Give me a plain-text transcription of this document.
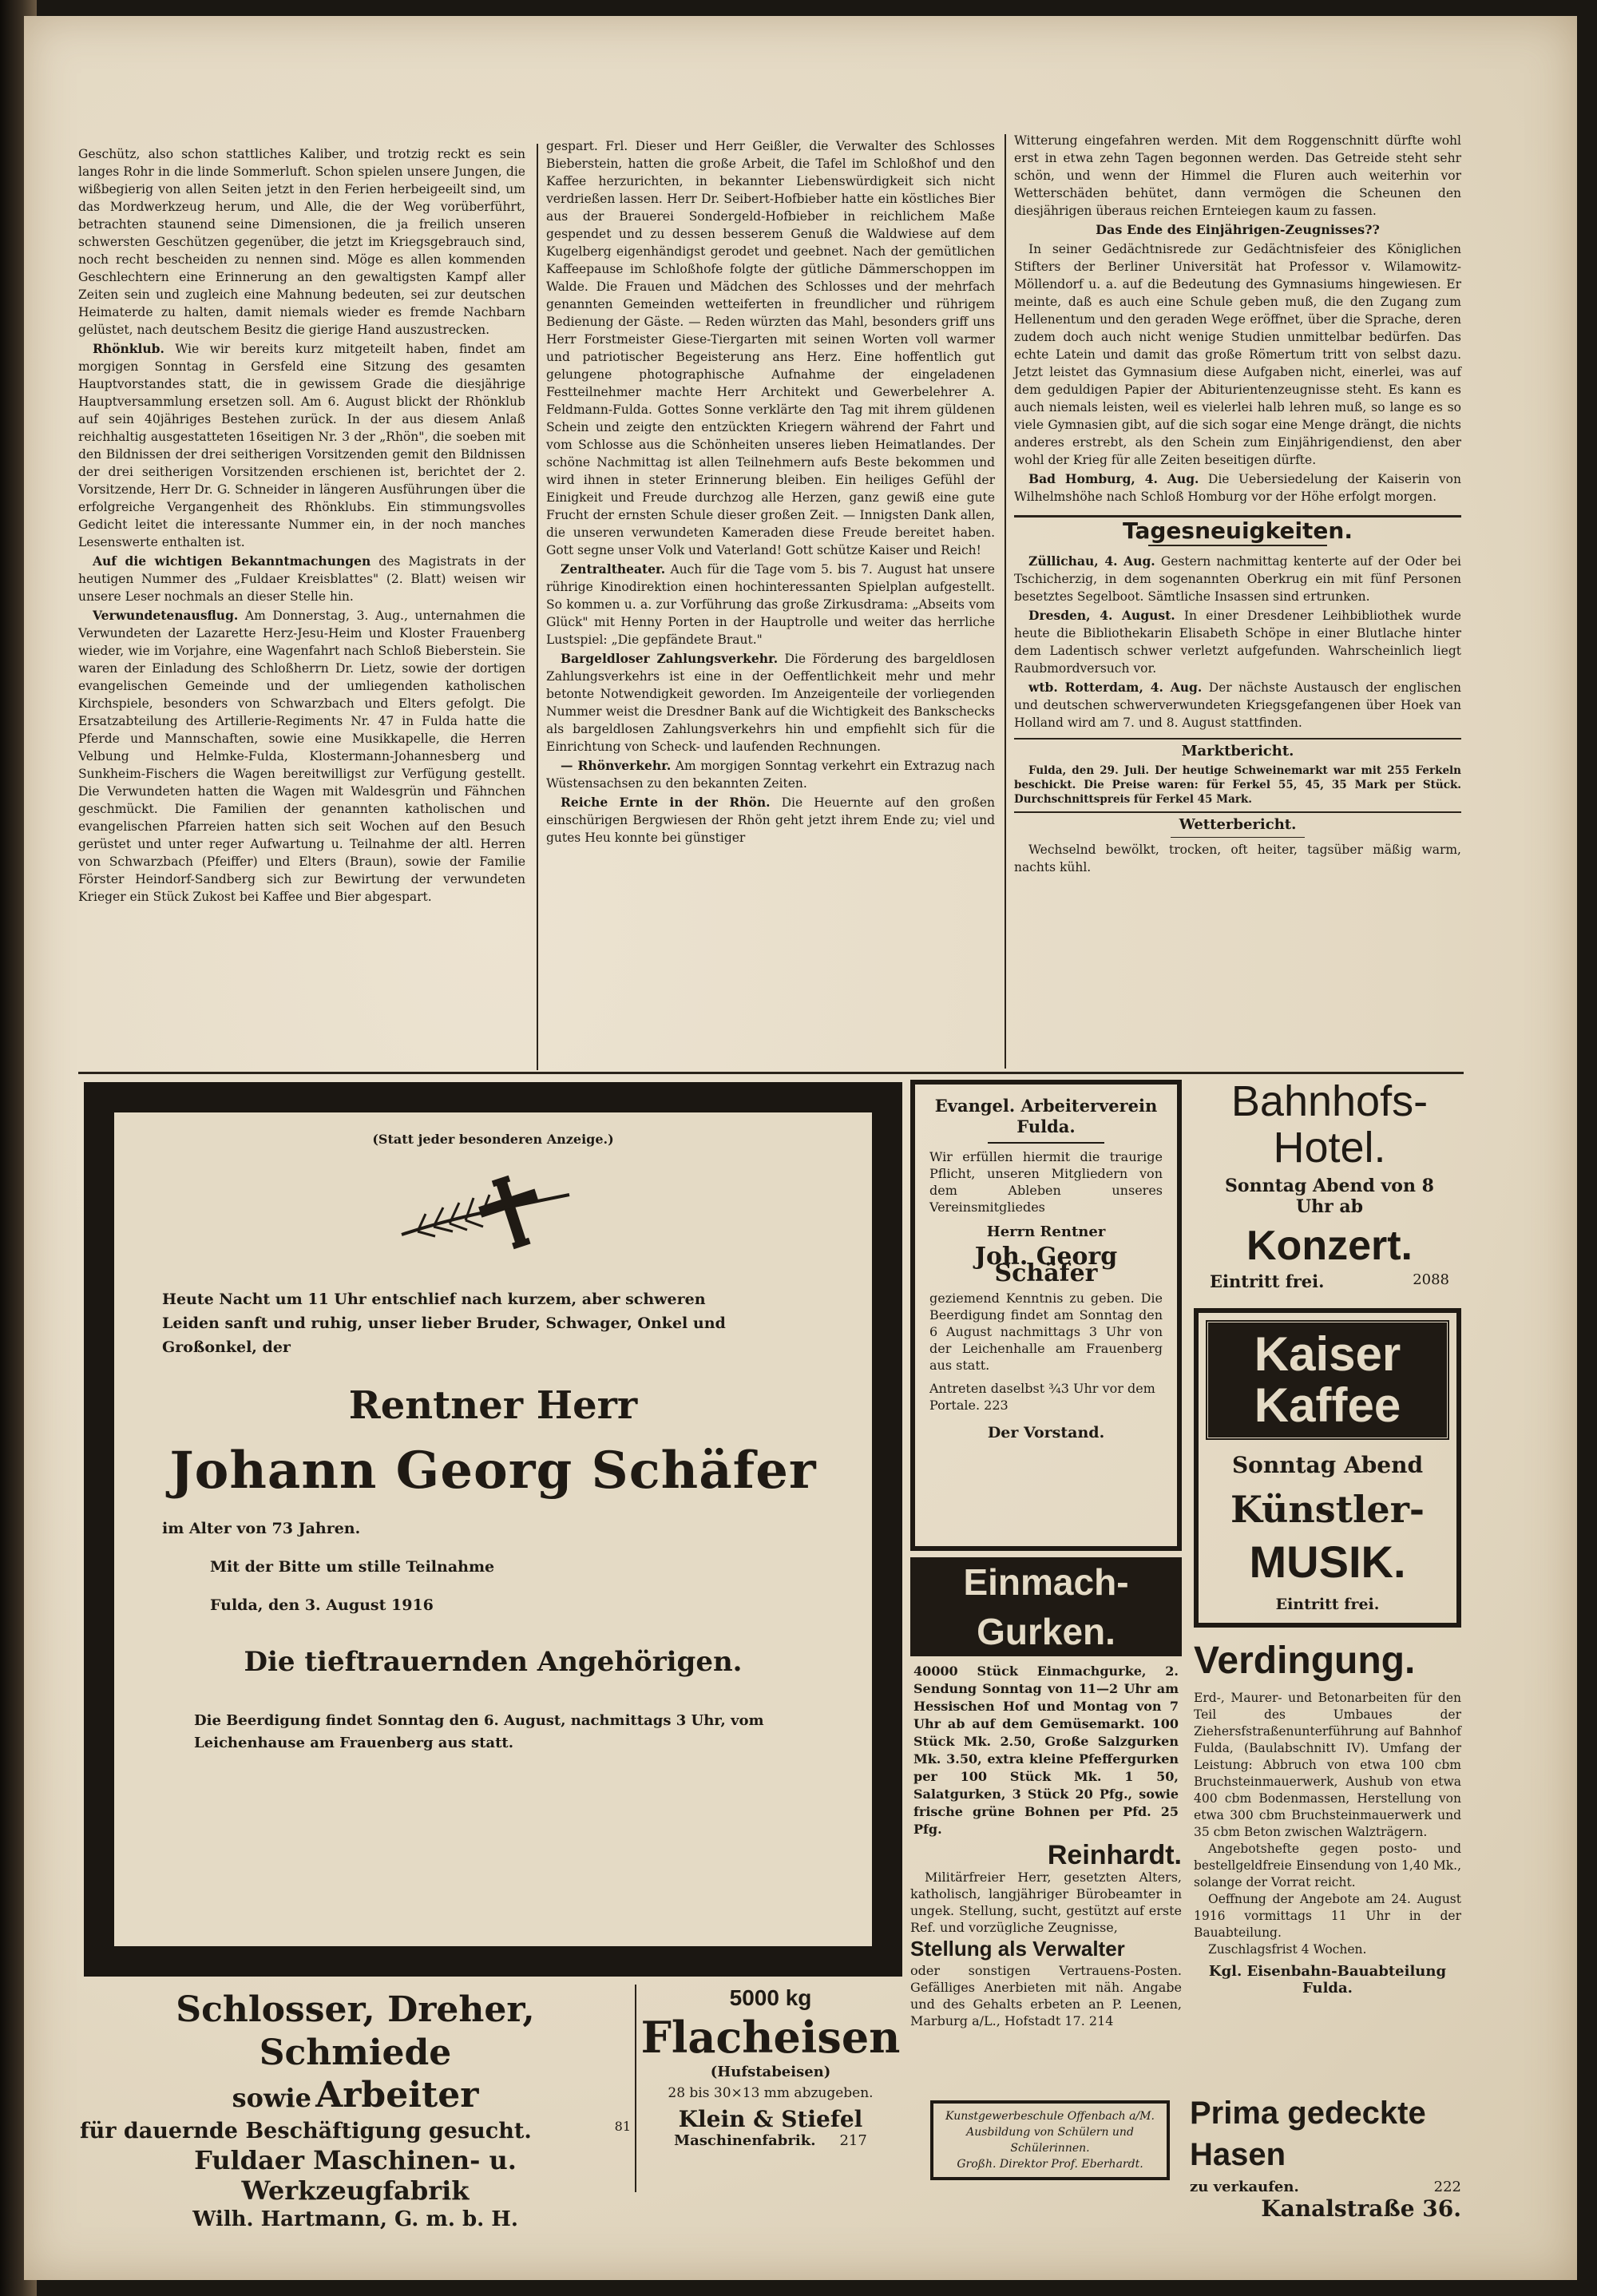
Geschütz, also schon stattliches Kaliber, und trotzig reckt es sein langes Rohr in die linde Sommerluft. Schon spielen unsere Jungen, die wißbegierig von allen Seiten jetzt in den Ferien herbeigeeilt sind, um das Mordwerkzeug herum, und Alle, die der Weg vorüberführt, betrachten staunend seine Dimensionen, die ja freilich unseren schwersten Geschützen gegenüber, die jetzt im Kriegsgebrauch sind, noch recht bescheiden zu nennen sind. Möge es allen kommenden Geschlechtern eine Erinnerung an den gewaltigsten Kampf aller Zeiten sein und zugleich eine Mahnung bedeuten, sei zur deutschen Heimaterde zu halten, damit niemals wieder es fremde Nachbarn gelüstet, nach deutschem Besitz die gierige Hand auszustrecken.

Rhönklub. Wie wir bereits kurz mitgeteilt haben, findet am morgigen Sonntag in Gersfeld eine Sitzung des gesamten Hauptvorstandes statt, die in gewissem Grade die diesjährige Hauptversammlung ersetzen soll. Am 6. August blickt der Rhönklub auf sein 40jähriges Bestehen zurück. In der aus diesem Anlaß reichhaltig ausgestatteten 16seitigen Nr. 3 der „Rhön", die soeben mit den Bildnissen der drei seitherigen Vorsitzenden gemit den Bildnissen der drei seitherigen Vorsitzenden erschienen ist, berichtet der 2. Vorsitzende, Herr Dr. G. Schneider in längeren Ausführungen über die erfolgreiche Vergangenheit des Rhönklubs. Ein stimmungsvolles Gedicht leitet die interessante Nummer ein, in der noch manches Lesenswerte enthalten ist.

Auf die wichtigen Bekanntmachungen des Magistrats in der heutigen Nummer des „Fuldaer Kreisblattes" (2. Blatt) weisen wir unsere Leser nochmals an dieser Stelle hin.

Verwundetenausflug. Am Donnerstag, 3. Aug., unternahmen die Verwundeten der Lazarette Herz-Jesu-Heim und Kloster Frauenberg wieder, wie im Vorjahre, eine Wagenfahrt nach Schloß Bieberstein. Sie waren der Einladung des Schloßherrn Dr. Lietz, sowie der dortigen evangelischen Gemeinde und der umliegenden katholischen Kirchspiele, besonders von Schwarzbach und Elters gefolgt. Die Ersatzabteilung des Artillerie-Regiments Nr. 47 in Fulda hatte die Pferde und Mannschaften, sowie eine Musikkapelle, die Herren Velbung und Helmke-Fulda, Klostermann-Johannesberg und Sunkheim-Fischers die Wagen bereitwilligst zur Verfügung gestellt. Die Verwundeten hatten die Wagen mit Waldesgrün und Fähnchen geschmückt. Die Familien der genannten katholischen und evangelischen Pfarreien hatten sich seit Wochen auf den Besuch gerüstet und unter reger Aufwartung u. Teilnahme der altl. Herren von Schwarzbach (Pfeiffer) und Elters (Braun), sowie der Familie Förster Heindorf-Sandberg sich zur Bewirtung der verwundeten Krieger ein Stück Zukost bei Kaffee und Bier abgespart.

gespart. Frl. Dieser und Herr Geißler, die Verwalter des Schlosses Bieberstein, hatten die große Arbeit, die Tafel im Schloßhof und den Kaffee herzurichten, in bekannter Liebenswürdigkeit sich nicht verdrießen lassen. Herr Dr. Seibert-Hofbieber hatte ein köstliches Bier aus der Brauerei Sondergeld-Hofbieber in reichlichem Maße gespendet und zu dessen besserem Genuß die Waldwiese auf dem Kugelberg eigenhändigst gerodet und geebnet. Nach der gemütlichen Kaffeepause im Schloßhofe folgte der gütliche Dämmerschoppen im Walde. Die Frauen und Mädchen des Schlosses und der mehrfach genannten Gemeinden wetteiferten in freundlicher und rührigem Bedienung der Gäste. — Reden würzten das Mahl, besonders griff uns Herr Forstmeister Giese-Tiergarten mit seinen Worten voll warmer und patriotischer Begeisterung ans Herz. Eine hoffentlich gut gelungene photographische Aufnahme der eingeladenen Festteilnehmer machte Herr Architekt und Gewerbelehrer A. Feldmann-Fulda. Gottes Sonne verklärte den Tag mit ihrem güldenen Schein und zeigte den entzückten Kriegern während der Fahrt und vom Schlosse aus die Schönheiten unseres lieben Heimatlandes. Der schöne Nachmittag ist allen Teilnehmern aufs Beste bekommen und wird ihnen in steter Erinnerung bleiben. Ein heiliges Gefühl der Einigkeit und Freude durchzog alle Herzen, ganz gewiß eine gute Frucht der ernsten Schule dieser großen Zeit. — Innigsten Dank allen, die unseren verwundeten Kameraden diese Freude bereitet haben. Gott segne unser Volk und Vaterland! Gott schütze Kaiser und Reich!

Zentraltheater. Auch für die Tage vom 5. bis 7. August hat unsere rührige Kinodirektion einen hochinteressanten Spielplan aufgestellt. So kommen u. a. zur Vorführung das große Zirkusdrama: „Abseits vom Glück" mit Henny Porten in der Hauptrolle und weiter das herrliche Lustspiel: „Die gepfändete Braut."

Bargeldloser Zahlungsverkehr. Die Förderung des bargeldlosen Zahlungsverkehrs ist eine in der Oeffentlichkeit mehr und mehr betonte Notwendigkeit geworden. Im Anzeigenteile der vorliegenden Nummer weist die Dresdner Bank auf die Wichtigkeit des Bankschecks als bargeldlosen Zahlungsverkehrs hin und empfiehlt sich für die Einrichtung von Scheck- und laufenden Rechnungen.

— Rhönverkehr. Am morgigen Sonntag verkehrt ein Extrazug nach Wüstensachsen zu den bekannten Zeiten.

Reiche Ernte in der Rhön. Die Heuernte auf den großen einschürigen Bergwiesen der Rhön geht jetzt ihrem Ende zu; viel und gutes Heu konnte bei günstiger

Witterung eingefahren werden. Mit dem Roggenschnitt dürfte wohl erst in etwa zehn Tagen begonnen werden. Das Getreide steht sehr schön, und wenn der Himmel die Fluren auch weiterhin vor Wetterschäden behütet, dann vermögen die Scheunen den diesjährigen überaus reichen Ernteiegen kaum zu fassen.

Das Ende des Einjährigen-Zeugnisses??

In seiner Gedächtnisrede zur Gedächtnisfeier des Königlichen Stifters der Berliner Universität hat Professor v. Wilamowitz-Möllendorf u. a. auf die Bedeutung des Gymnasiums hingewiesen. Er meinte, daß es auch eine Schule geben muß, die den Zugang zum Hellenentum und den geraden Wege eröffnet, über die Sprache, deren zudem doch auch nicht wenige Studien unmittelbar bedürfen. Das echte Latein und damit das große Römertum tritt von selbst dazu. Jetzt leistet das Gymnasium diese Aufgaben nicht, einerlei, was auf dem geduldigen Papier der Abiturientenzeugnisse steht. Es kann es auch niemals leisten, weil es vielerlei halb lehren muß, so lange es so viele Gymnasien gibt, auf die sich sogar eine Menge drängt, die nichts anderes erstrebt, als den Schein zum Einjährigendienst, den aber wohl der Krieg für alle Zeiten beseitigen dürfte.

Bad Homburg, 4. Aug. Die Uebersiedelung der Kaiserin von Wilhelmshöhe nach Schloß Homburg vor der Höhe erfolgt morgen.

Tagesneuigkeiten.

Züllichau, 4. Aug. Gestern nachmittag kenterte auf der Oder bei Tschicherzig, in dem sogenannten Oberkrug ein mit fünf Personen besetztes Segelboot. Sämtliche Insassen sind ertrunken.

Dresden, 4. August. In einer Dresdener Leihbibliothek wurde heute die Bibliothekarin Elisabeth Schöpe in einer Blutlache hinter dem Ladentisch schwer verletzt aufgefunden. Wahrscheinlich liegt Raubmordversuch vor.

wtb. Rotterdam, 4. Aug. Der nächste Austausch der englischen und deutschen schwerverwundeten Kriegsgefangenen über Hoek van Holland wird am 7. und 8. August stattfinden.

Marktbericht.

Fulda, den 29. Juli. Der heutige Schweinemarkt war mit 255 Ferkeln beschickt. Die Preise waren: für Ferkel 55, 45, 35 Mark per Stück. Durchschnittspreis für Ferkel 45 Mark.

Wetterbericht.

Wechselnd bewölkt, trocken, oft heiter, tagsüber mäßig warm, nachts kühl.

(Statt jeder besonderen Anzeige.)
Heute Nacht um 11 Uhr entschlief nach kurzem, aber schweren
Leiden sanft und ruhig, unser lieber Bruder, Schwager, Onkel und
Großonkel, der
Rentner Herr
Johann Georg Schäfer
im Alter von 73 Jahren.
Mit der Bitte um stille Teilnahme
Fulda, den 3. August 1916
Die tieftrauernden Angehörigen.
Die Beerdigung findet Sonntag den 6. August, nachmittags 3 Uhr, vom Leichenhause am Frauenberg aus statt.
Evangel. Arbeiterverein Fulda.
Wir erfüllen hiermit die traurige Pflicht, unseren Mitgliedern von dem Ableben unseres Vereinsmitgliedes
Herrn Rentner
Joh. Georg Schäfer
geziemend Kenntnis zu geben. Die Beerdigung findet am Sonntag den 6 August nachmittags 3 Uhr von der Leichenhalle am Frauenberg aus statt.
Antreten daselbst ¾3 Uhr vor dem Portale. 223
Der Vorstand.
Bahnhofs-
Hotel.
Sonntag Abend von 8 Uhr ab
Konzert.
Eintritt frei.	2088
Kaiser Kaffee
Sonntag Abend
Künstler-
MUSIK.
Eintritt frei.
Einmach-Gurken.
40000 Stück Einmachgurke, 2. Sendung Sonntag von 11—2 Uhr am Hessischen Hof und Montag von 7 Uhr ab auf dem Gemüsemarkt. 100 Stück Mk. 2.50, Große Salzgurken Mk. 3.50, extra kleine Pfeffergurken per 100 Stück Mk. 1 50, Salatgurken, 3 Stück 20 Pfg., sowie frische grüne Bohnen per Pfd. 25 Pfg.
Reinhardt.
Verdingung.
Erd-, Maurer- und Betonarbeiten für den Teil des Umbaues der Ziehersfstraßenunterführung auf Bahnhof Fulda, (Baulabschnitt IV). Umfang der Leistung: Abbruch von etwa 100 cbm Bruchsteinmauerwerk, Aushub von etwa 400 cbm Bodenmassen, Herstellung von etwa 300 cbm Bruchsteinmauerwerk und 35 cbm Beton zwischen Walzträgern.
Angebotshefte gegen posto- und bestellgeldfreie Einsendung von 1,40 Mk., solange der Vorrat reicht.
Oeffnung der Angebote am 24. August 1916 vormittags 11 Uhr in der Bauabteilung.
Zuschlagsfrist 4 Wochen.
Kgl. Eisenbahn-Bauabteilung Fulda.
Militärfreier Herr, gesetzten Alters, katholisch, langjähriger Bürobeamter in ungek. Stellung, sucht, gestützt auf erste Ref. und vorzügliche Zeugnisse,
Stellung als Verwalter
oder sonstigen Vertrauens-Posten. Gefälliges Anerbieten mit näh. Angabe und des Gehalts erbeten an P. Leenen, Marburg a/L., Hofstadt 17. 214
Kunstgewerbeschule Offenbach a/M.
Ausbildung von Schülern und Schülerinnen.
Großh. Direktor Prof. Eberhardt.
Prima gedeckte Hasen
zu verkaufen.	222
Kanalstraße 36.
Schlosser, Dreher, Schmiede
sowie Arbeiter
für dauernde Beschäftigung gesucht.	81
Fuldaer Maschinen- u. Werkzeugfabrik
Wilh. Hartmann, G. m. b. H.
5000 kg
Flacheisen
(Hufstabeisen)
28 bis 30×13 mm abzugeben.
Klein & Stiefel
Maschinenfabrik. 217
